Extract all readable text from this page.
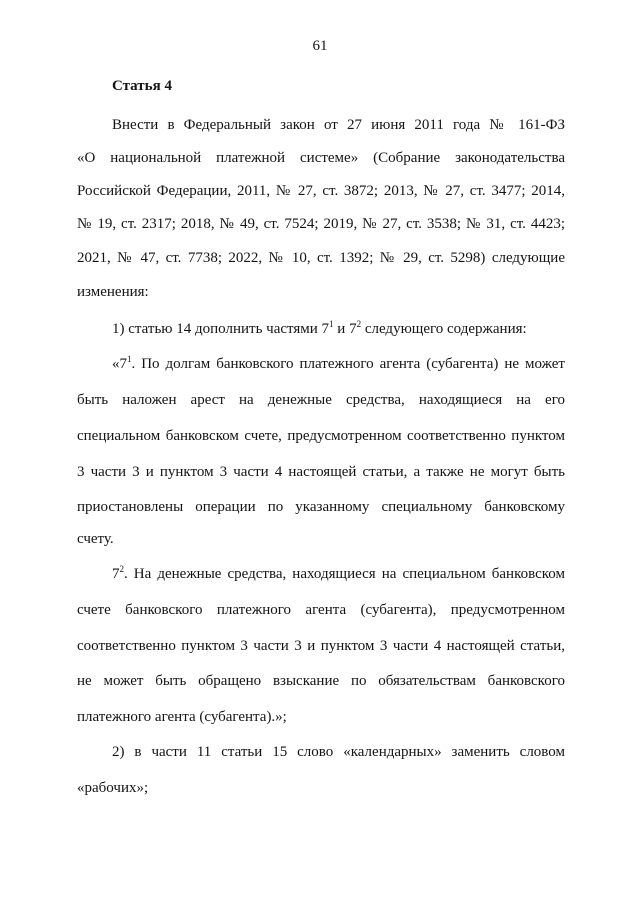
61
Статья 4
Внести в Федеральный закон от 27 июня 2011 года № 161-ФЗ
«О национальной платежной системе» (Собрание законодательства
Российской Федерации, 2011, № 27, ст. 3872; 2013, № 27, ст. 3477; 2014,
№ 19, ст. 2317; 2018, № 49, ст. 7524; 2019, № 27, ст. 3538; № 31, ст. 4423;
2021, № 47, ст. 7738; 2022, № 10, ст. 1392; № 29, ст. 5298) следующие
изменения:
1) статью 14 дополнить частями $7^1$ и $7^2$ следующего содержания:
«$7^1$. По долгам банковского платежного агента (субагента) не может
быть наложен арест на денежные средства, находящиеся на его
специальном банковском счете, предусмотренном соответственно пунктом
3 части 3 и пунктом 3 части 4 настоящей статьи, а также не могут быть
приостановлены операции по указанному специальному банковскому
счету.
$7^2$. На денежные средства, находящиеся на специальном банковском
счете банковского платежного агента (субагента), предусмотренном
соответственно пунктом 3 части 3 и пунктом 3 части 4 настоящей статьи,
не может быть обращено взыскание по обязательствам банковского
платежного агента (субагента).»;
2) в части 11 статьи 15 слово «календарных» заменить словом
«рабочих»;
